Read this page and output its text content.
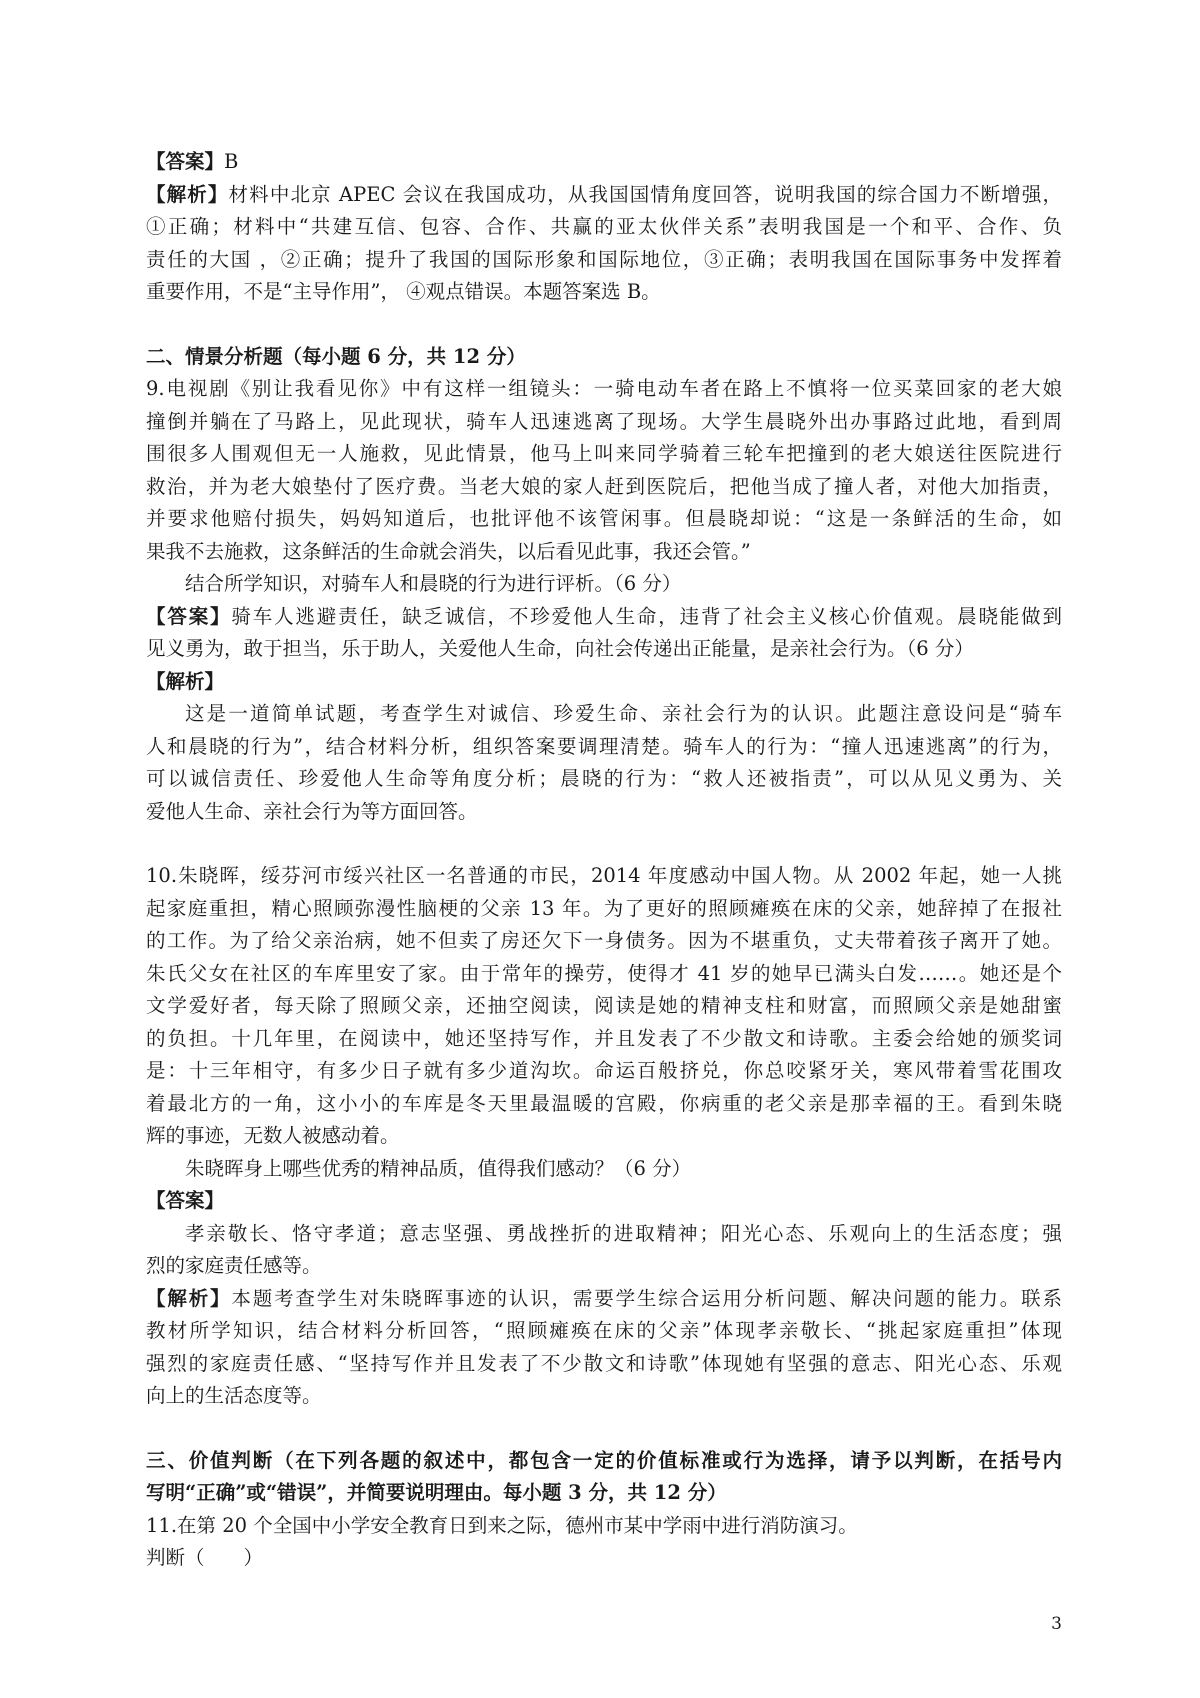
【答案】B
【解析】材料中北京 APEC 会议在我国成功，从我国国情角度回答，说明我国的综合国力不断增强，
①正确；材料中“共建互信、包容、合作、共赢的亚太伙伴关系”表明我国是一个和平、合作、负
责任的大国 ，②正确；提升了我国的国际形象和国际地位，③正确；表明我国在国际事务中发挥着
重要作用，不是“主导作用”， ④观点错误。本题答案选 B。
二、情景分析题（每小题 6 分，共 12 分）
9.电视剧《别让我看见你》中有这样一组镜头：一骑电动车者在路上不慎将一位买菜回家的老大娘
撞倒并躺在了马路上，见此现状，骑车人迅速逃离了现场。大学生晨晓外出办事路过此地，看到周
围很多人围观但无一人施救，见此情景，他马上叫来同学骑着三轮车把撞到的老大娘送往医院进行
救治，并为老大娘垫付了医疗费。当老大娘的家人赶到医院后，把他当成了撞人者，对他大加指责，
并要求他赔付损失，妈妈知道后，也批评他不该管闲事。但晨晓却说：“这是一条鲜活的生命，如
果我不去施救，这条鲜活的生命就会消失，以后看见此事，我还会管。”
结合所学知识，对骑车人和晨晓的行为进行评析。（6 分）
【答案】骑车人逃避责任，缺乏诚信，不珍爱他人生命，违背了社会主义核心价值观。晨晓能做到
见义勇为，敢于担当，乐于助人，关爱他人生命，向社会传递出正能量，是亲社会行为。（6 分）
【解析】
这是一道简单试题，考查学生对诚信、珍爱生命、亲社会行为的认识。此题注意设问是“骑车
人和晨晓的行为”，结合材料分析，组织答案要调理清楚。骑车人的行为：“撞人迅速逃离”的行为，
可以诚信责任、珍爱他人生命等角度分析；晨晓的行为：“救人还被指责”，可以从见义勇为、关
爱他人生命、亲社会行为等方面回答。
10.朱晓晖，绥芬河市绥兴社区一名普通的市民，2014 年度感动中国人物。从 2002 年起，她一人挑
起家庭重担，精心照顾弥漫性脑梗的父亲 13 年。为了更好的照顾瘫痪在床的父亲，她辞掉了在报社
的工作。为了给父亲治病，她不但卖了房还欠下一身债务。因为不堪重负，丈夫带着孩子离开了她。
朱氏父女在社区的车库里安了家。由于常年的操劳，使得才 41 岁的她早已满头白发……。她还是个
文学爱好者，每天除了照顾父亲，还抽空阅读，阅读是她的精神支柱和财富，而照顾父亲是她甜蜜
的负担。十几年里，在阅读中，她还坚持写作，并且发表了不少散文和诗歌。主委会给她的颁奖词
是：十三年相守，有多少日子就有多少道沟坎。命运百般挤兑，你总咬紧牙关，寒风带着雪花围攻
着最北方的一角，这小小的车库是冬天里最温暖的宫殿，你病重的老父亲是那幸福的王。看到朱晓
辉的事迹，无数人被感动着。
朱晓晖身上哪些优秀的精神品质，值得我们感动？（6 分）
【答案】
孝亲敬长、恪守孝道；意志坚强、勇战挫折的进取精神；阳光心态、乐观向上的生活态度；强
烈的家庭责任感等。
【解析】本题考查学生对朱晓晖事迹的认识，需要学生综合运用分析问题、解决问题的能力。联系
教材所学知识，结合材料分析回答，“照顾瘫痪在床的父亲”体现孝亲敬长、“挑起家庭重担”体现
强烈的家庭责任感、“坚持写作并且发表了不少散文和诗歌”体现她有坚强的意志、阳光心态、乐观
向上的生活态度等。
三、价值判断（在下列各题的叙述中，都包含一定的价值标准或行为选择，请予以判断，在括号内
写明“正确”或“错误”，并简要说明理由。每小题 3 分，共 12 分）
11.在第 20 个全国中小学安全教育日到来之际，德州市某中学雨中进行消防演习。
判断（　　）
3
